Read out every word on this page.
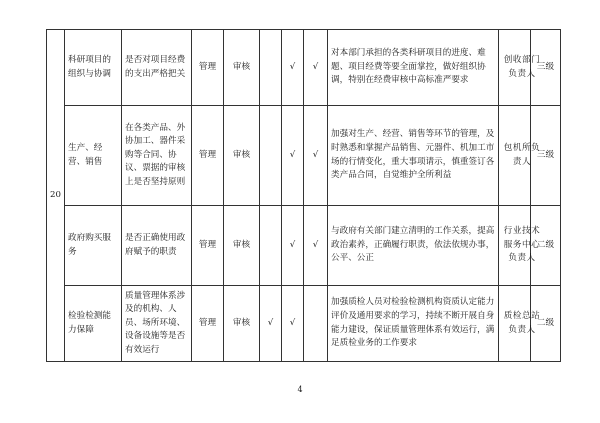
20	科研项目的组织与协调	是否对项目经费的支出严格把关	管理	审核		√	√	对本部门承担的各类科研项目的进度、难题、项目经费等要全面掌控，做好组织协调，特别在经费审核中高标准严要求	创收部门负责人	三级
	生产、经营、销售	在各类产品、外协加工、器件采购等合同、协议、票据的审核上是否坚持原则	管理	审核		√	√	加强对生产、经营、销售等环节的管理，及时熟悉和掌握产品销售、元器件、机加工市场的行情变化，重大事项请示，慎重签订各类产品合同，自觉维护全所利益	包机所负责人	三级
	政府购买服务	是否正确使用政府赋予的职责	管理	审核		√	√	与政府有关部门建立清明的工作关系，提高政治素养，正确履行职责，依法依规办事，公平、公正	行业技术服务中心负责人	二级
	检验检测能力保障	质量管理体系涉及的机构、人员、场所环境、设备设施等是否有效运行	管理	审核	√	√		加强质检人员对检验检测机构资质认定能力评价及通用要求的学习，持续不断开展自身能力建设，保证质量管理体系有效运行，满足质检业务的工作要求	质检总站负责人	二级
4
